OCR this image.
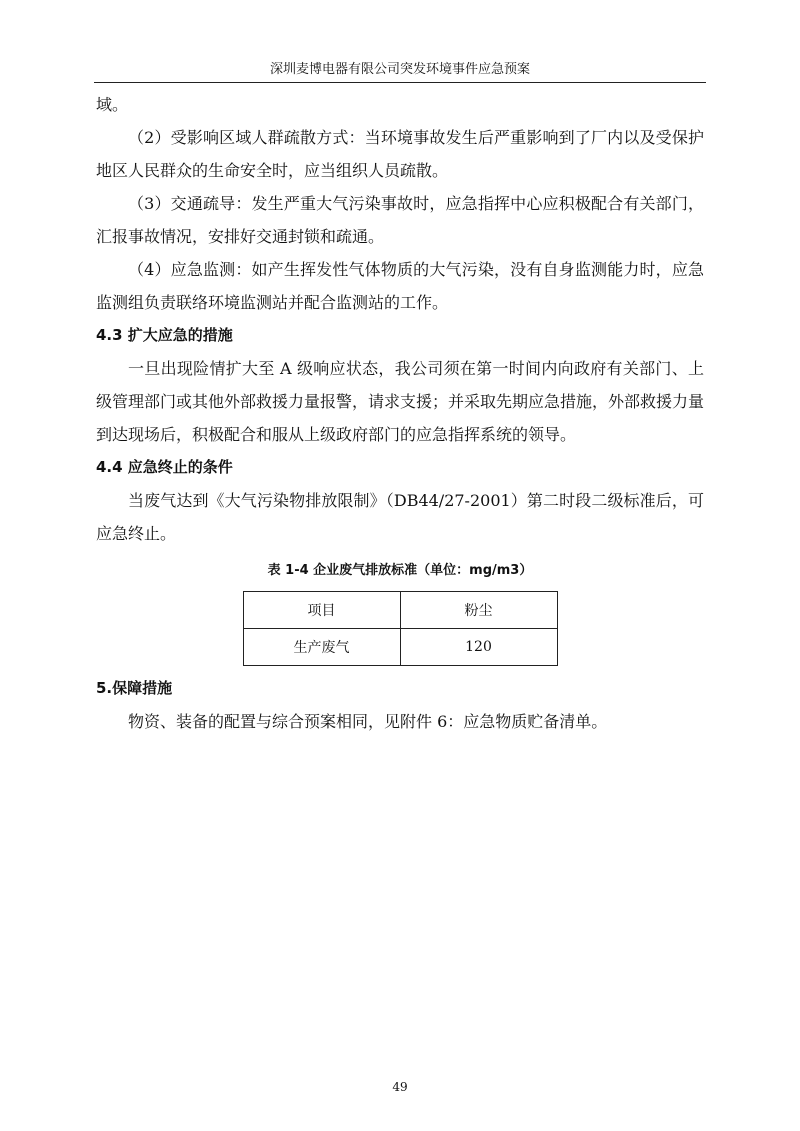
深圳麦博电器有限公司突发环境事件应急预案

域。

（2）受影响区域人群疏散方式：当环境事故发生后严重影响到了厂内以及受保护地区人民群众的生命安全时，应当组织人员疏散。

（3）交通疏导：发生严重大气污染事故时，应急指挥中心应积极配合有关部门，汇报事故情况，安排好交通封锁和疏通。

（4）应急监测：如产生挥发性气体物质的大气污染，没有自身监测能力时，应急监测组负责联络环境监测站并配合监测站的工作。

4.3 扩大应急的措施

一旦出现险情扩大至 A 级响应状态，我公司须在第一时间内向政府有关部门、上级管理部门或其他外部救援力量报警，请求支援；并采取先期应急措施，外部救援力量到达现场后，积极配合和服从上级政府部门的应急指挥系统的领导。

4.4 应急终止的条件

当废气达到《大气污染物排放限制》（DB44/27-2001）第二时段二级标准后，可应急终止。

表 1-4 企业废气排放标准（单位：mg/m3）
项目	粉尘
生产废气	120
5.保障措施

物资、装备的配置与综合预案相同，见附件 6：应急物质贮备清单。

49
